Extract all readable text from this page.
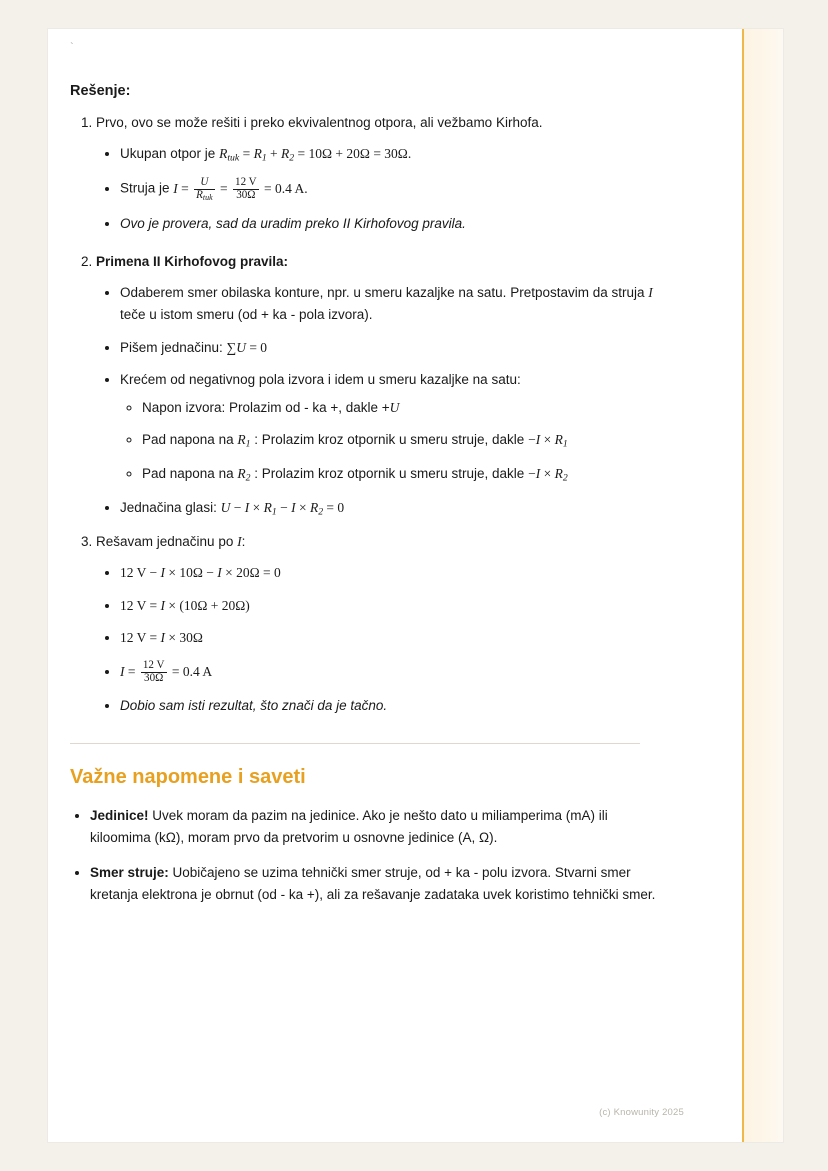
`
Rešenje:
1. Prvo, ovo se može rešiti i preko ekvivalentnog otpora, ali vežbamo Kirhofa.
• Ukupan otpor je $R_{tuk} = R_1 + R_2 = 10\Omega + 20\Omega = 30\Omega$.
• Struja je $I = \frac{U}{R_{tuk}} = \frac{12 V}{30\Omega} = 0.4$ A.
• Ovo je provera, sad da uradim preko II Kirhofovog pravila.
2. Primena II Kirhofovog pravila:
• Odaberem smer obilaska konture, npr. u smeru kazaljke na satu. Pretpostavim da struja I teče u istom smeru (od + ka - pola izvora).
• Pišem jednačinu: ∑U = 0
• Krećem od negativnog pola izvora i idem u smeru kazaljke na satu:
◦ Napon izvora: Prolazim od - ka +, dakle +U
◦ Pad napona na $R_1$ : Prolazim kroz otpornik u smeru struje, dakle $-I \times R_1$
◦ Pad napona na $R_2$ : Prolazim kroz otpornik u smeru struje, dakle $-I \times R_2$
• Jednačina glasi: $U - I \times R_1 - I \times R_2 = 0$
3. Rešavam jednačinu po I:
• 12 V − I × 10Ω − I × 20Ω = 0
• 12 V = I × (10Ω + 20Ω)
• 12 V = I × 30Ω
• $I = \frac{12 V}{30\Omega} = 0.4$ A
• Dobio sam isti rezultat, što znači da je tačno.
Važne napomene i saveti
• Jedinice! Uvek moram da pazim na jedinice. Ako je nešto dato u miliamperima (mA) ili kiloomima (kΩ), moram prvo da pretvorim u osnovne jedinice (A, Ω).
• Smer struje: Uobičajeno se uzima tehnički smer struje, od + ka - polu izvora. Stvarni smer kretanja elektrona je obrnut (od - ka +), ali za rešavanje zadataka uvek koristimo tehnički smer.
(c) Knowunity 2025
